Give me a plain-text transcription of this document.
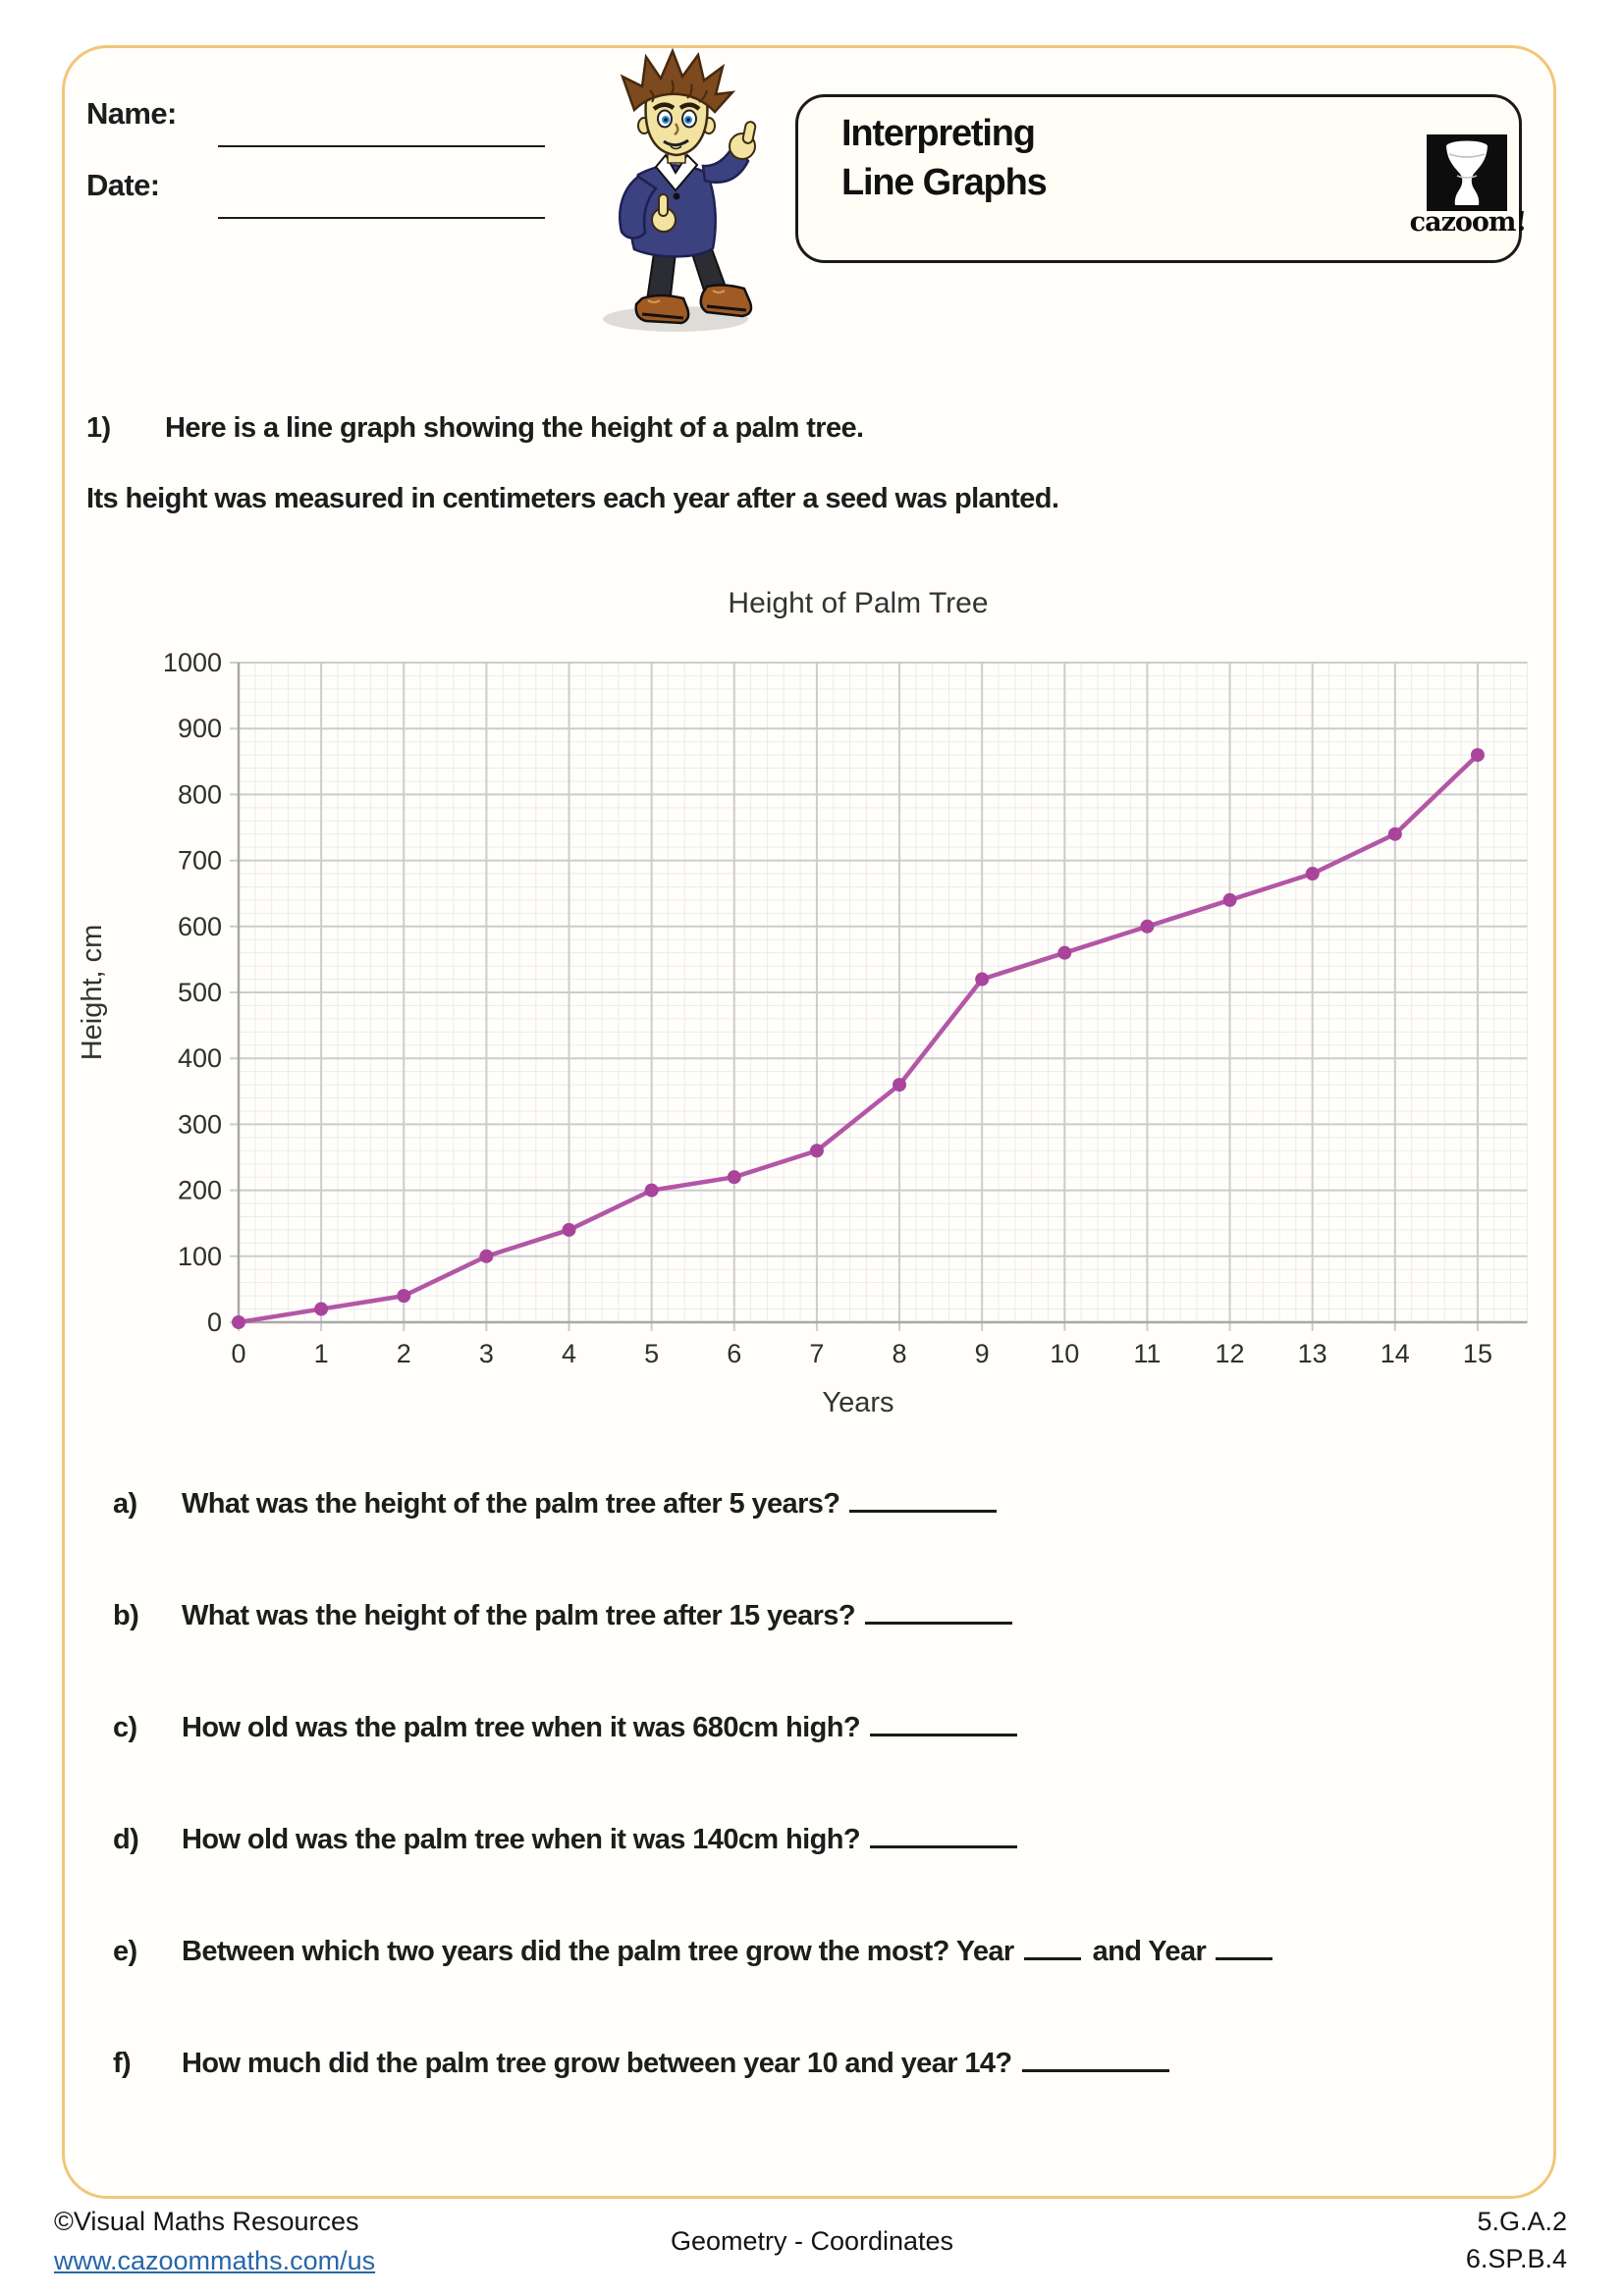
Name:
Date:
Interpreting
Line Graphs
cazoom!
1) Here is a line graph showing the height of a palm tree.
Its height was measured in centimeters each year after a seed was planted.
0
100
200
300
400
500
600
700
800
900
1000
0	1	2	3	4	5	6	7	8	9 10 11 12 13 14 15
Height of Palm Tree
Height, cm
Years
a) What was the height of the palm tree after 5 years?
b) What was the height of the palm tree after 15 years?
c) How old was the palm tree when it was 680cm high?
d) How old was the palm tree when it was 140cm high?
e) Between which two years did the palm tree grow the most? Year	and Year
f) How much did the palm tree grow between year 10 and year 14?
©Visual Maths Resources
www.cazoommaths.com/us
Geometry - Coordinates
5.G.A.2
6.SP.B.4
